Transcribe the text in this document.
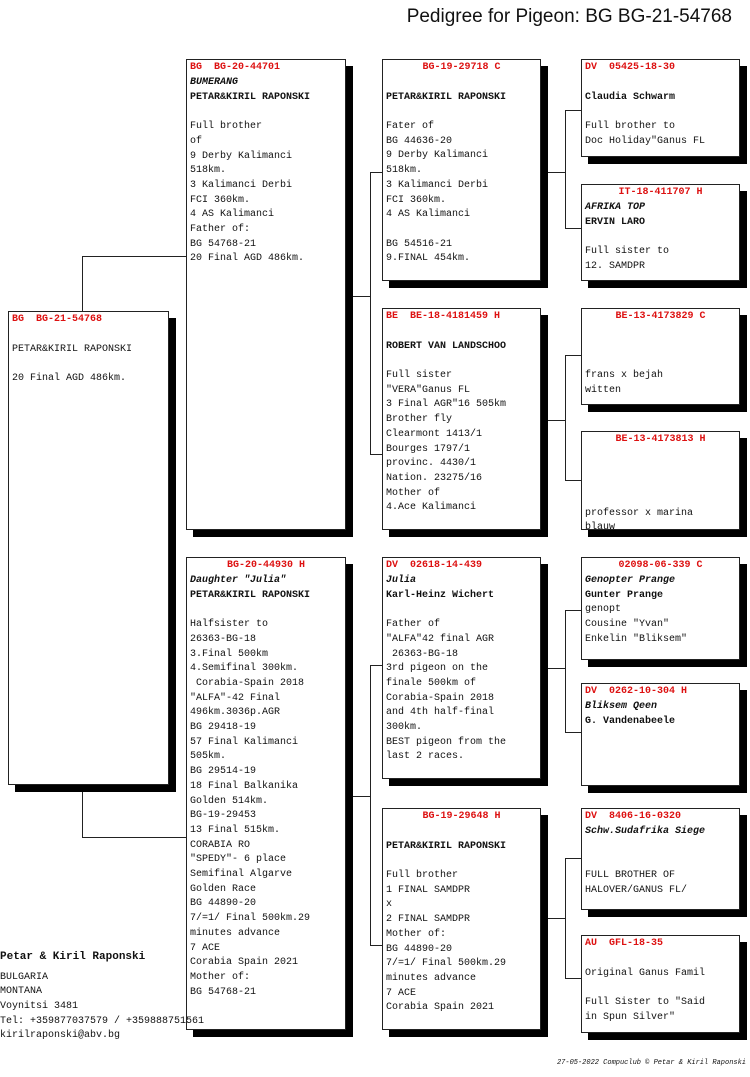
Pedigree for Pigeon: BG BG-21-54768
BG  BG-21-54768
PETAR&KIRIL RAPONSKI
20 Final AGD 486km.
BG  BG-20-44701
BUMERANG
PETAR&KIRIL RAPONSKI
Full brother
of
9 Derby Kalimanci
518km.
3 Kalimanci Derbi
FCI 360km.
4 AS Kalimanci
Father of:
BG 54768-21
20 Final AGD 486km.
BG-20-44930 H
Daughter "Julia"
PETAR&KIRIL RAPONSKI
Halfsister to
26363-BG-18
3.Final 500km
4.Semifinal 300km.
Corabia-Spain 2018
"ALFA"-42 Final
496km.3036p.AGR
BG 29418-19
57 Final Kalimanci
505km.
BG 29514-19
18 Final Balkanika
Golden 514km.
BG-19-29453
13 Final 515km.
CORABIA RO
"SPEDY"- 6 place
Semifinal Algarve
Golden Race
BG 44890-20
7/=1/ Final 500km.29
minutes advance
7 ACE
Corabia Spain 2021
Mother of:
BG 54768-21
BG-19-29718 C
PETAR&KIRIL RAPONSKI
Fater of
BG 44636-20
9 Derby Kalimanci
518km.
3 Kalimanci Derbi
FCI 360km.
4 AS Kalimanci
BG 54516-21
9.FINAL 454km.
BE  BE-18-4181459 H
ROBERT VAN LANDSCHOO
Full sister
"VERA"Ganus FL
3 Final AGR"16 505km
Brother fly
Clearmont 1413/1
Bourges 1797/1
provinc. 4430/1
Nation. 23275/16
Mother of
4.Ace Kalimanci
DV  02618-14-439
Julia
Karl-Heinz Wichert
Father of
"ALFA"42 final AGR
26363-BG-18
3rd pigeon on the
finale 500km of
Corabia-Spain 2018
and 4th half-final
300km.
BEST pigeon from the
last 2 races.
BG-19-29648 H
PETAR&KIRIL RAPONSKI
Full brother
1 FINAL SAMDPR
x
2 FINAL SAMDPR
Mother of:
BG 44890-20
7/=1/ Final 500km.29
minutes advance
7 ACE
Corabia Spain 2021
DV  05425-18-30
Claudia Schwarm
Full brother to
Doc Holiday"Ganus FL
IT-18-411707 H
AFRIKA TOP
ERVIN LARO
Full sister to
12. SAMDPR
BE-13-4173829 C
frans x bejah
witten
BE-13-4173813 H
professor x marina
blauw
02098-06-339 C
Genopter Prange
Gunter Prange
genopt
Cousine "Yvan"
Enkelin "Bliksem"
DV  0262-10-304 H
Bliksem Qeen
G. Vandenabeele
DV  8406-16-0320
Schw.Sudafrika Siege
FULL BROTHER OF
HALOVER/GANUS FL/
AU  GFL-18-35
Original Ganus Famil
Full Sister to "Said
in Spun Silver"
Petar & Kiril Raponski
BULGARIA
MONTANA
Voynitsi 3481
Tel: +359877037579 / +359888751561
kirilraponski@abv.bg
27-05-2022 Compuclub © Petar & Kiril Raponski
